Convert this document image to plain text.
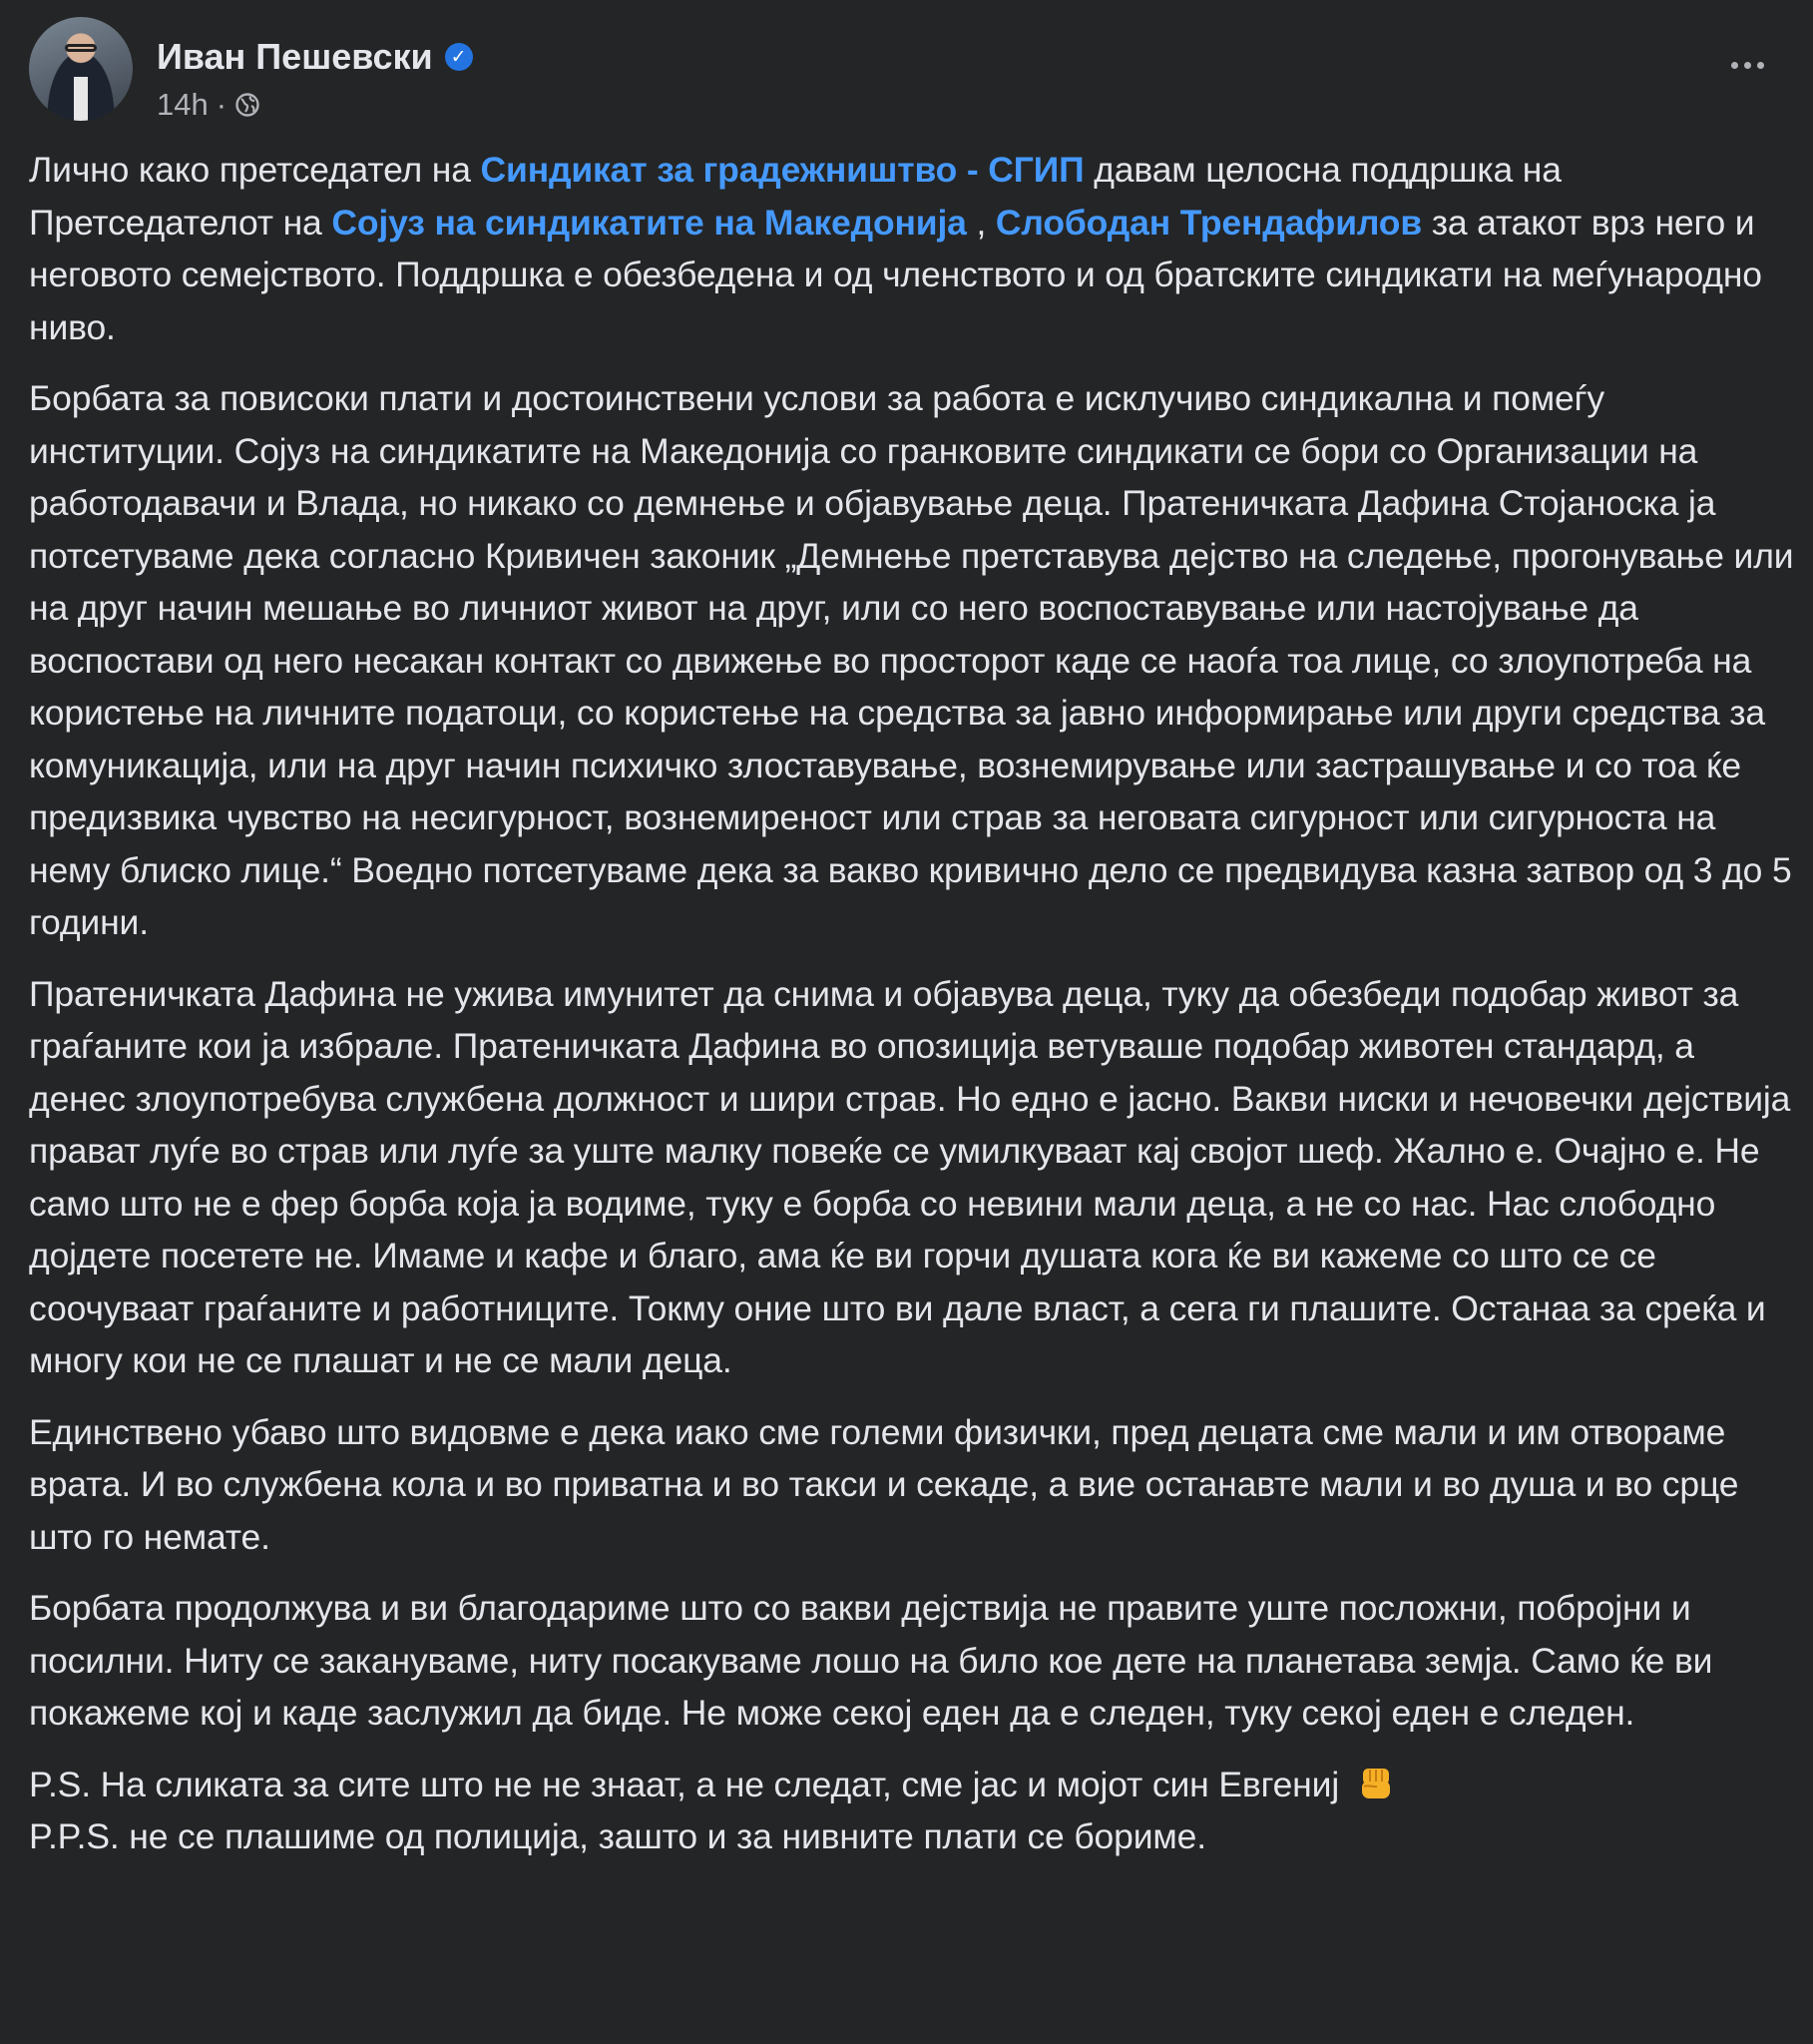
Иван Пешевски ✓
14h ·

Лично како претседател на Синдикат за градежништво - СГИП давам целосна поддршка на Претседателот на Сојуз на синдикатите на Македонија , Слободан Трендафилов за атакот врз него и неговото семејството. Поддршка е обезбедена и од членството и од братските синдикати на меѓународно ниво.

Борбата за повисоки плати и достоинствени услови за работа е исклучиво синдикална и помеѓу институции. Сојуз на синдикатите на Македонија со гранковите синдикати се бори со Организации на работодавачи и Влада, но никако со демнење и објавување деца. Пратеничката Дафина Стојаноска ја потсетуваме дека согласно Кривичен законик „Демнење претставува дејство на следење, прогонување или на друг начин мешање во личниот живот на друг, или со него воспоставување или настојување да воспостави од него несакан контакт со движење во просторот каде се наоѓа тоа лице, со злоупотреба на користење на личните податоци, со користење на средства за јавно информирање или други средства за комуникација, или на друг начин психичко злоставување, вознемирување или застрашување и со тоа ќе предизвика чувство на несигурност, вознемиреност или страв за неговата сигурност или сигурноста на нему блиско лице.“ Воедно потсетуваме дека за вакво кривично дело се предвидува казна затвор од 3 до 5 години.

Пратеничката Дафина не ужива имунитет да снима и објавува деца, туку да обезбеди подобар живот за граѓаните кои ја избрале. Пратеничката Дафина во опозиција ветуваше подобар животен стандард, а денес злоупотребува службена должност и шири страв. Но едно е јасно. Вакви ниски и нечовечки дејствија прават луѓе во страв или луѓе за уште малку повеќе се умилкуваат кај својот шеф. Жално е. Очајно е. Не само што не е фер борба која ја водиме, туку е борба со невини мали деца, а не со нас. Нас слободно дојдете посетете не. Имаме и кафе и благо, ама ќе ви горчи душата кога ќе ви кажеме со што се се соочуваат граѓаните и работниците. Токму оние што ви дале власт, а сега ги плашите. Останаа за среќа и многу кои не се плашат и не се мали деца.

Единствено убаво што видовме е дека иако сме големи физички, пред децата сме мали и им отвораме врата. И во службена кола и во приватна и во такси и секаде, а вие останавте мали и во душа и во срце што го немате.

Борбата продолжува и ви благодариме што со вакви дејствија не правите уште посложни, побројни и посилни. Ниту се закануваме, ниту посакуваме лошо на било кое дете на планетава земја. Само ќе ви покажеме кој и каде заслужил да биде. Не може секој еден да е следен, туку секој еден е следен.

P.S. На сликата за сите што не не знаат, а не следат, сме јас и мојот син Евгениј

P.P.S. не се плашиме од полиција, зашто и за нивните плати се бориме.
